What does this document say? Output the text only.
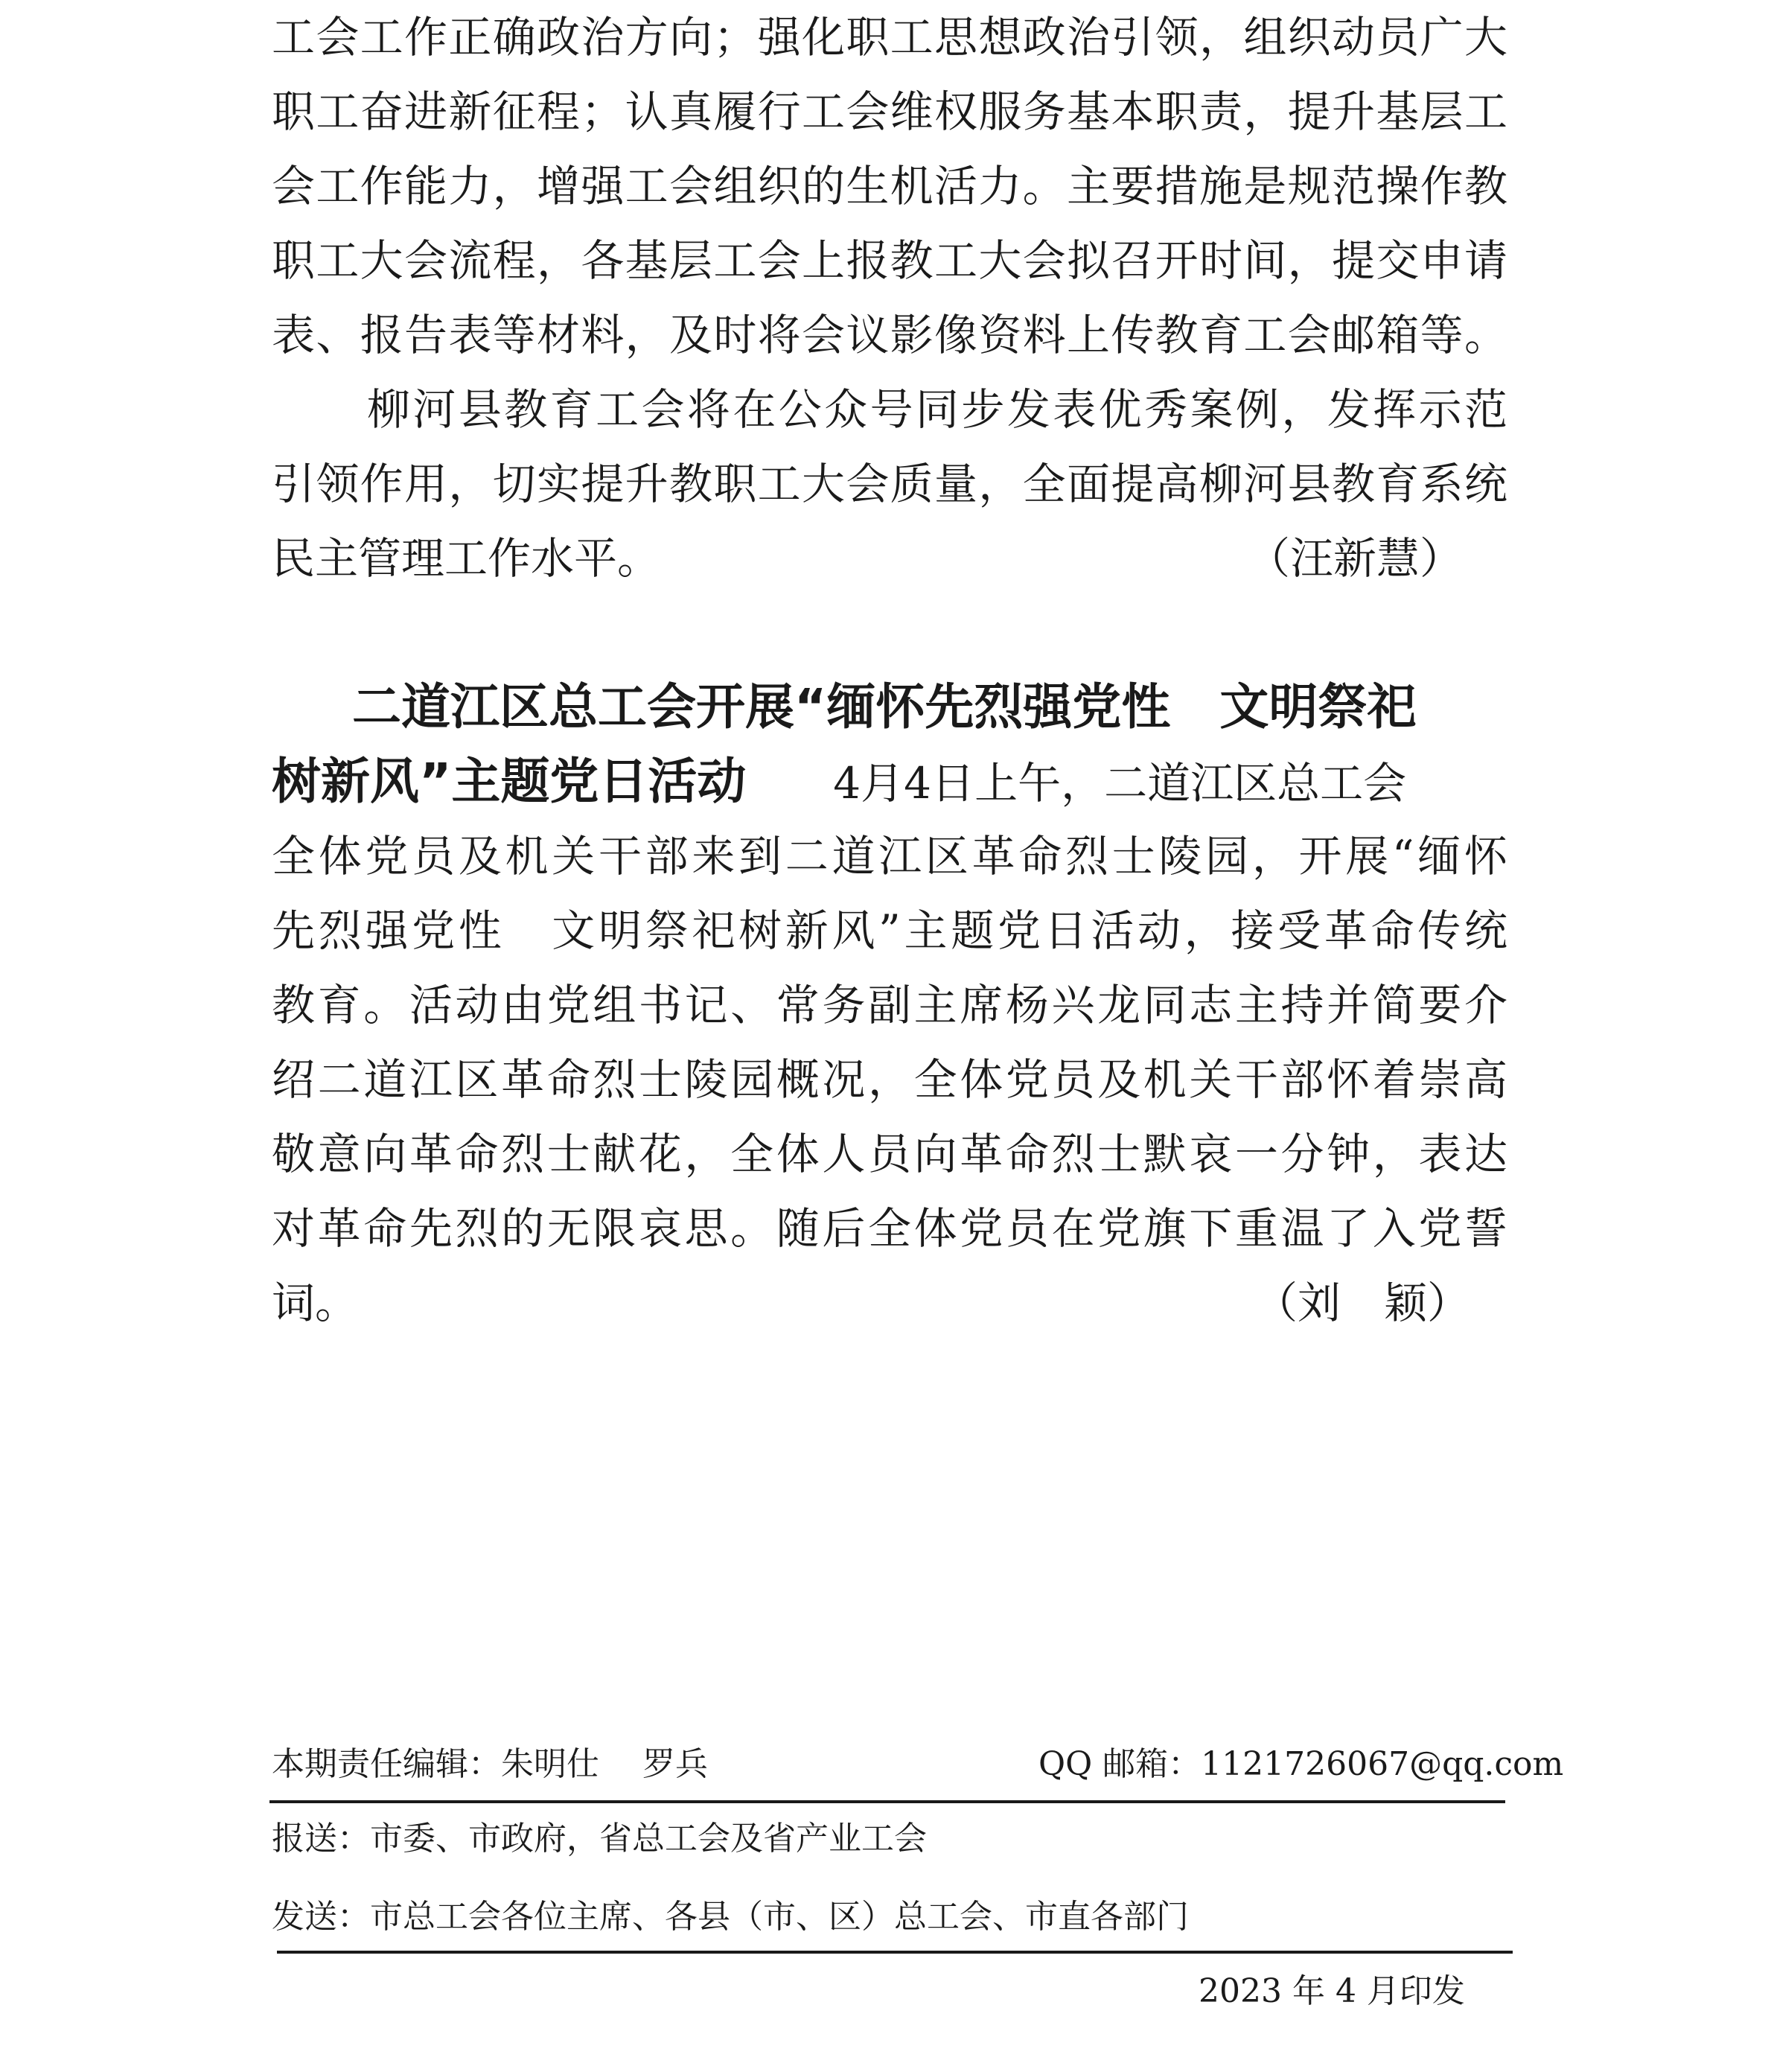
工会工作正确政治方向；强化职工思想政治引领，组织动员广大
职工奋进新征程；认真履行工会维权服务基本职责，提升基层工
会工作能力，增强工会组织的生机活力。主要措施是规范操作教
职工大会流程，各基层工会上报教工大会拟召开时间，提交申请
表、报告表等材料，及时将会议影像资料上传教育工会邮箱等。
柳河县教育工会将在公众号同步发表优秀案例，发挥示范
引领作用，切实提升教职工大会质量，全面提高柳河县教育系统
民主管理工作水平。	（汪新慧）
二道江区总工会开展“缅怀先烈强党性　文明祭祀
树新风”主题党日活动 4月4日上午，二道江区总工会
全体党员及机关干部来到二道江区革命烈士陵园，开展“缅怀
先烈强党性　文明祭祀树新风”主题党日活动，接受革命传统
教育。活动由党组书记、常务副主席杨兴龙同志主持并简要介
绍二道江区革命烈士陵园概况，全体党员及机关干部怀着崇高
敬意向革命烈士献花，全体人员向革命烈士默哀一分钟，表达
对革命先烈的无限哀思。随后全体党员在党旗下重温了入党誓
词。	（刘　颖）
本期责任编辑：朱明仕　 罗兵	QQ 邮箱：1121726067@qq.com
报送：市委、市政府，省总工会及省产业工会
发送：市总工会各位主席、各县（市、区）总工会、市直各部门
2023 年 4 月印发
